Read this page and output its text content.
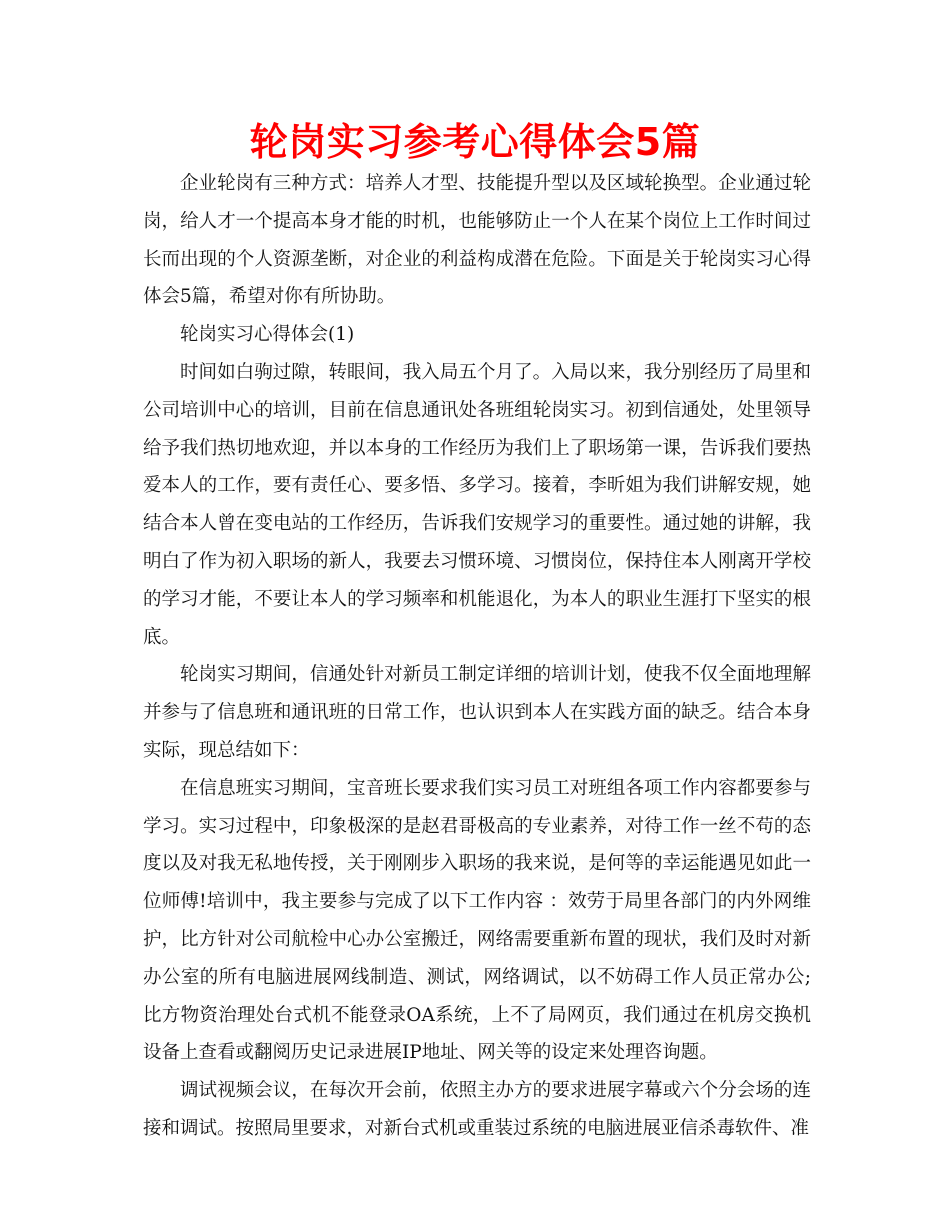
轮岗实习参考心得体会5篇

企业轮岗有三种方式：培养人才型、技能提升型以及区域轮换型。企业通过轮岗，给人才一个提高本身才能的时机，也能够防止一个人在某个岗位上工作时间过长而出现的个人资源垄断，对企业的利益构成潜在危险。下面是关于轮岗实习心得体会5篇，希望对你有所协助。

轮岗实习心得体会(1)

时间如白驹过隙，转眼间，我入局五个月了。入局以来，我分别经历了局里和公司培训中心的培训，目前在信息通讯处各班组轮岗实习。初到信通处，处里领导给予我们热切地欢迎，并以本身的工作经历为我们上了职场第一课，告诉我们要热爱本人的工作，要有责任心、要多悟、多学习。接着，李昕姐为我们讲解安规，她结合本人曾在变电站的工作经历，告诉我们安规学习的重要性。通过她的讲解，我明白了作为初入职场的新人，我要去习惯环境、习惯岗位，保持住本人刚离开学校的学习才能，不要让本人的学习频率和机能退化，为本人的职业生涯打下坚实的根底。

轮岗实习期间，信通处针对新员工制定详细的培训计划，使我不仅全面地理解并参与了信息班和通讯班的日常工作，也认识到本人在实践方面的缺乏。结合本身实际，现总结如下：

在信息班实习期间，宝音班长要求我们实习员工对班组各项工作内容都要参与学习。实习过程中，印象极深的是赵君哥极高的专业素养，对待工作一丝不苟的态度以及对我无私地传授，关于刚刚步入职场的我来说，是何等的幸运能遇见如此一位师傅!培训中，我主要参与完成了以下工作内容 ：效劳于局里各部门的内外网维护，比方针对公司航检中心办公室搬迁，网络需要重新布置的现状，我们及时对新办公室的所有电脑进展网线制造、测试，网络调试，以不妨碍工作人员正常办公;比方物资治理处台式机不能登录OA系统，上不了局网页，我们通过在机房交换机设备上查看或翻阅历史记录进展IP地址、网关等的设定来处理咨询题。

调试视频会议，在每次开会前，依照主办方的要求进展字幕或六个分会场的连接和调试。按照局里要求，对新台式机或重装过系统的电脑进展亚信杀毒软件、准
